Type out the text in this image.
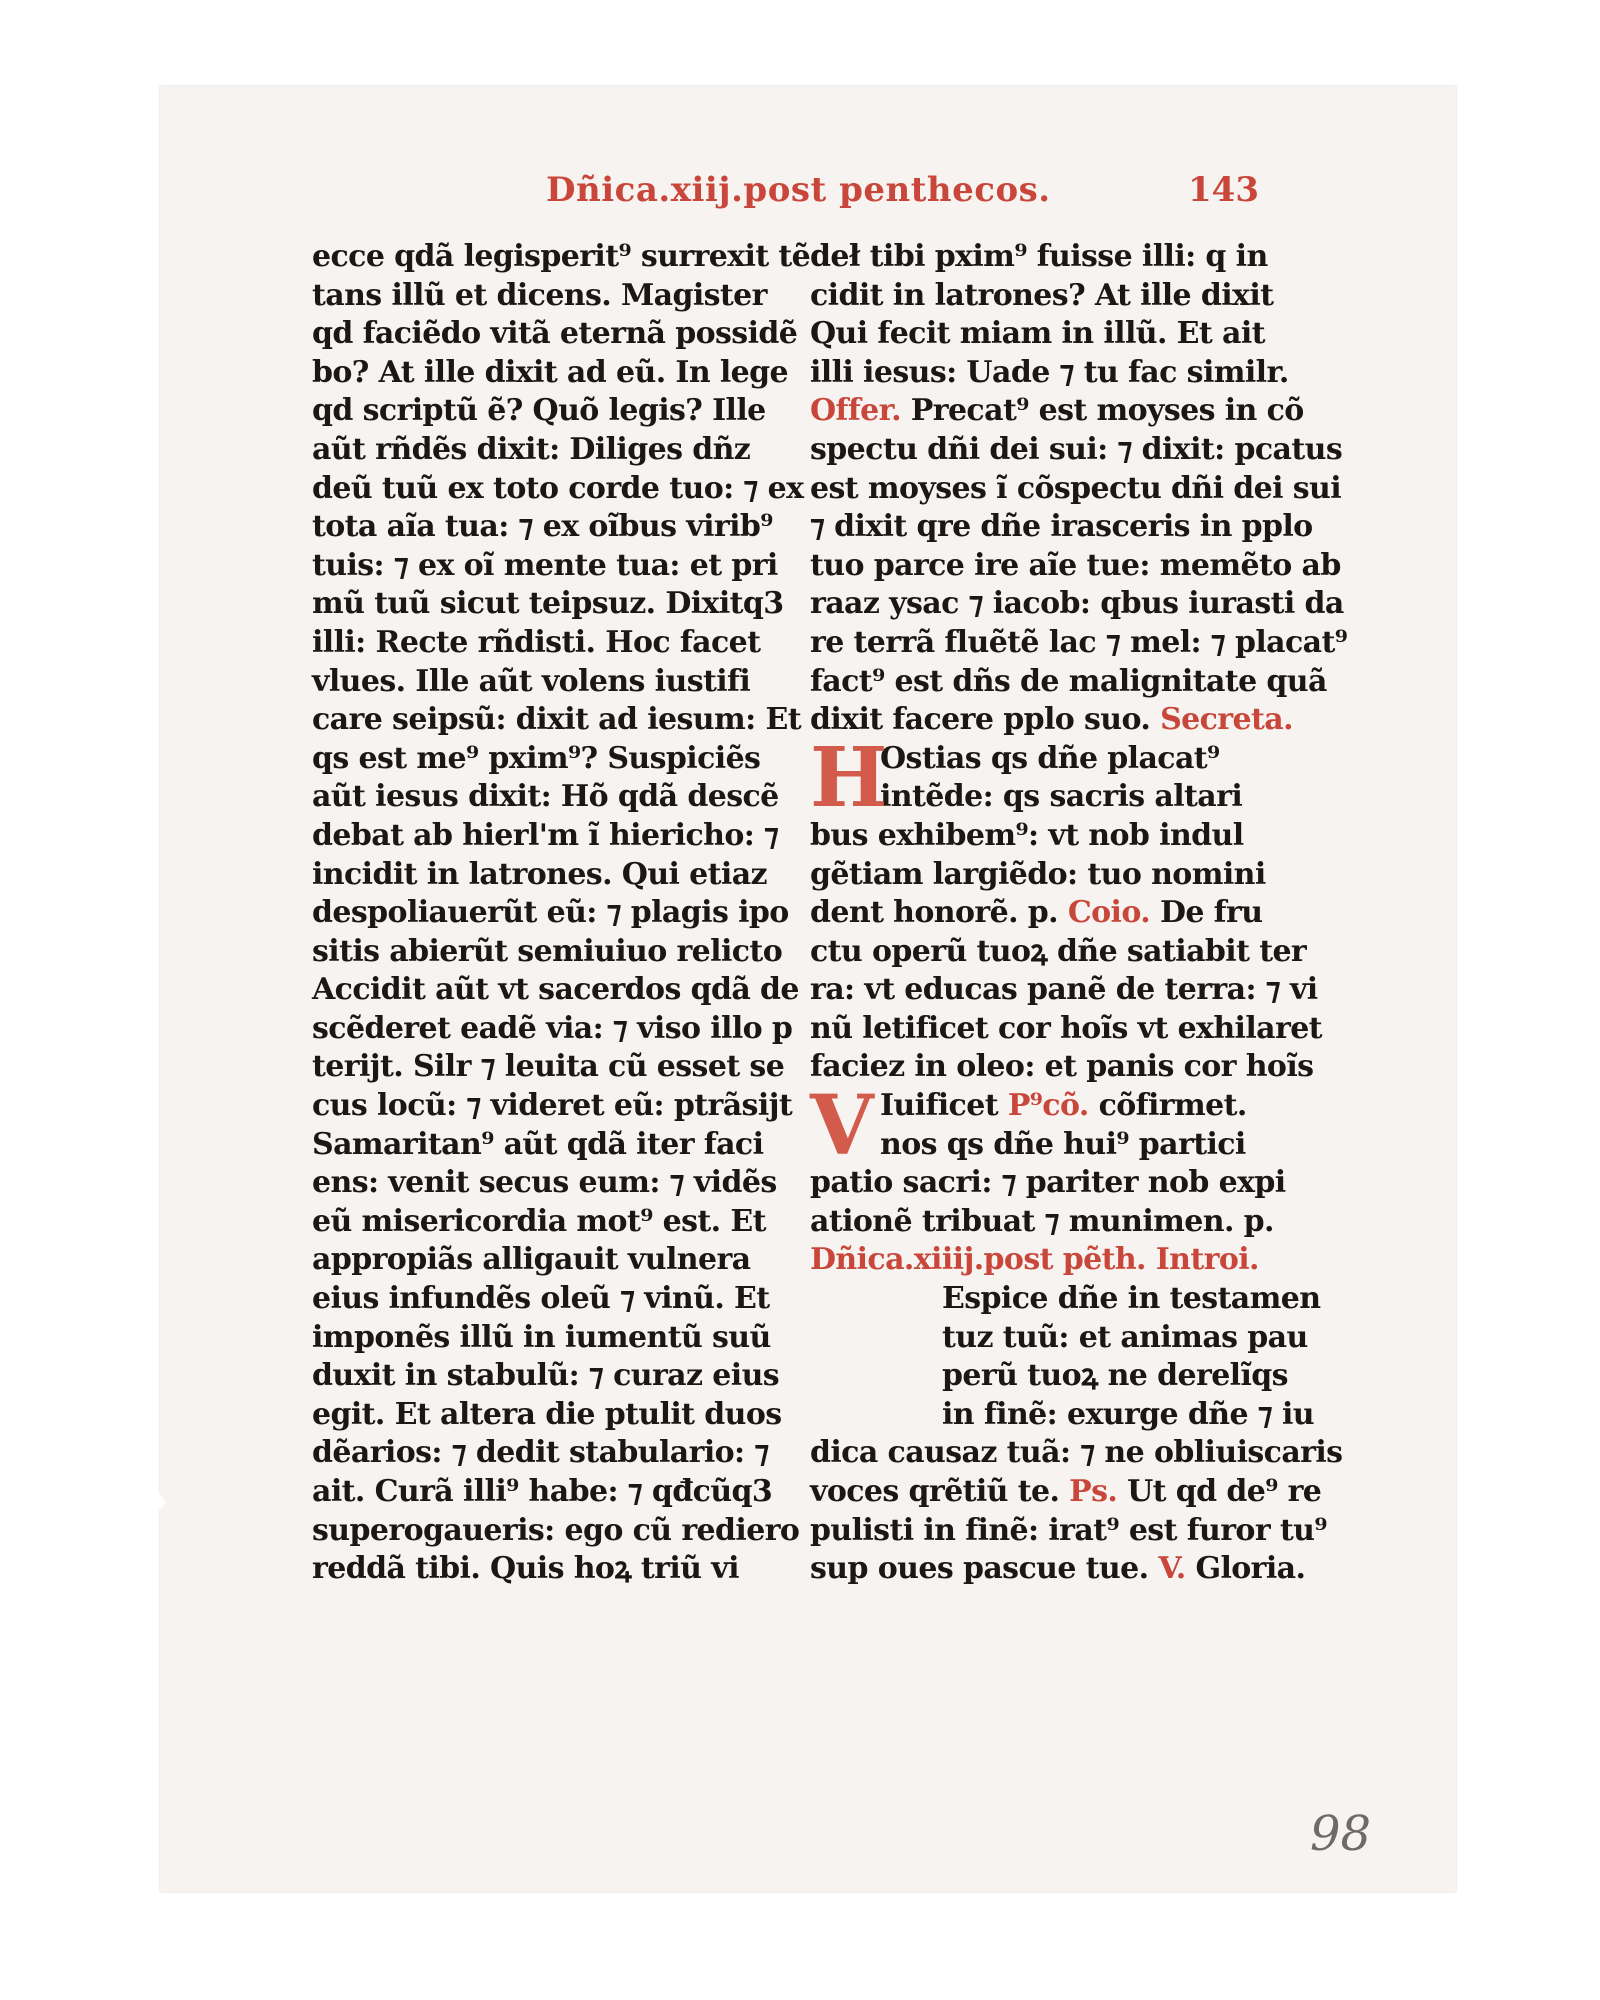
Dñica.xiij.post penthecos.	143
ecce qdã legisperit⁹ surrexit tẽ
tans illũ et dicens. Magister
qd faciẽdo vitã eternã possidẽ
bo? At ille dixit ad eũ. In lege
qd scriptũ ẽ? Quõ legis? Ille
aũt rñdẽs dixit: Diliges dñz
deũ tuũ ex toto corde tuo: ⁊ ex
tota aĩa tua: ⁊ ex oĩbus virib⁹
tuis: ⁊ ex oĩ mente tua: et pri
mũ tuũ sicut teipsuz. Dixitq3
illi: Recte rñdisti. Hoc facet
vlues. Ille aũt volens iustifi
care seipsũ: dixit ad iesum: Et
qs est me⁹ pxim⁹? Suspiciẽs
aũt iesus dixit: Hõ qdã descẽ
debat ab hierl'm ĩ hiericho: ⁊
incidit in latrones. Qui etiaz
despoliauerũt eũ: ⁊ plagis ipo
sitis abierũt semiuiuo relicto
Accidit aũt vt sacerdos qdã de
scẽderet eadẽ via: ⁊ viso illo p
terijt. Silr ⁊ leuita cũ esset se
cus locũ: ⁊ videret eũ: ptrãsijt
Samaritan⁹ aũt qdã iter faci
ens: venit secus eum: ⁊ vidẽs
eũ misericordia mot⁹ est. Et
appropiãs alligauit vulnera
eius infundẽs oleũ ⁊ vinũ. Et
imponẽs illũ in iumentũ suũ
duxit in stabulũ: ⁊ curaz eius
egit. Et altera die ptulit duos
dẽarios: ⁊ dedit stabulario: ⁊
ait. Curã illi⁹ habe: ⁊ qđcũq3
superogaueris: ego cũ rediero
reddã tibi. Quis hoꝝ triũ vi
H
V
deł tibi pxim⁹ fuisse illi: q in
cidit in latrones? At ille dixit
Qui fecit miam in illũ. Et ait
illi iesus: Uade ⁊ tu fac similr.
Offer. Precat⁹ est moyses in cõ
spectu dñi dei sui: ⁊ dixit: pcatus
est moyses ĩ cõspectu dñi dei sui
⁊ dixit qre dñe irasceris in pplo
tuo parce ire aĩe tue: memẽto ab
raaz ysac ⁊ iacob: qbus iurasti da
re terrã fluẽtẽ lac ⁊ mel: ⁊ placat⁹
fact⁹ est dñs de malignitate quã
dixit facere pplo suo. Secreta.
Ostias qs dñe placat⁹
intẽde: qs sacris altari
bus exhibem⁹: vt nob indul
gẽtiam largiẽdo: tuo nomini
dent honorẽ. p. Coio. De fru
ctu operũ tuoꝝ dñe satiabit ter
ra: vt educas panẽ de terra: ⁊ vi
nũ letificet cor hoĩs vt exhilaret
faciez in oleo: et panis cor hoĩs
Iuificet P⁹cõ. cõfirmet.
nos qs dñe hui⁹ partici
patio sacri: ⁊ pariter nob expi
ationẽ tribuat ⁊ munimen. p.
Dñica.xiiij.post pẽth. Introi.
Espice dñe in testamen
tuz tuũ: et animas pau
perũ tuoꝝ ne derelĩqs
in finẽ: exurge dñe ⁊ iu
dica causaz tuã: ⁊ ne obliuiscaris
voces qrẽtiũ te. Ps. Ut qd de⁹ re
pulisti in finẽ: irat⁹ est furor tu⁹
sup oues pascue tue. V. Gloria.
98
